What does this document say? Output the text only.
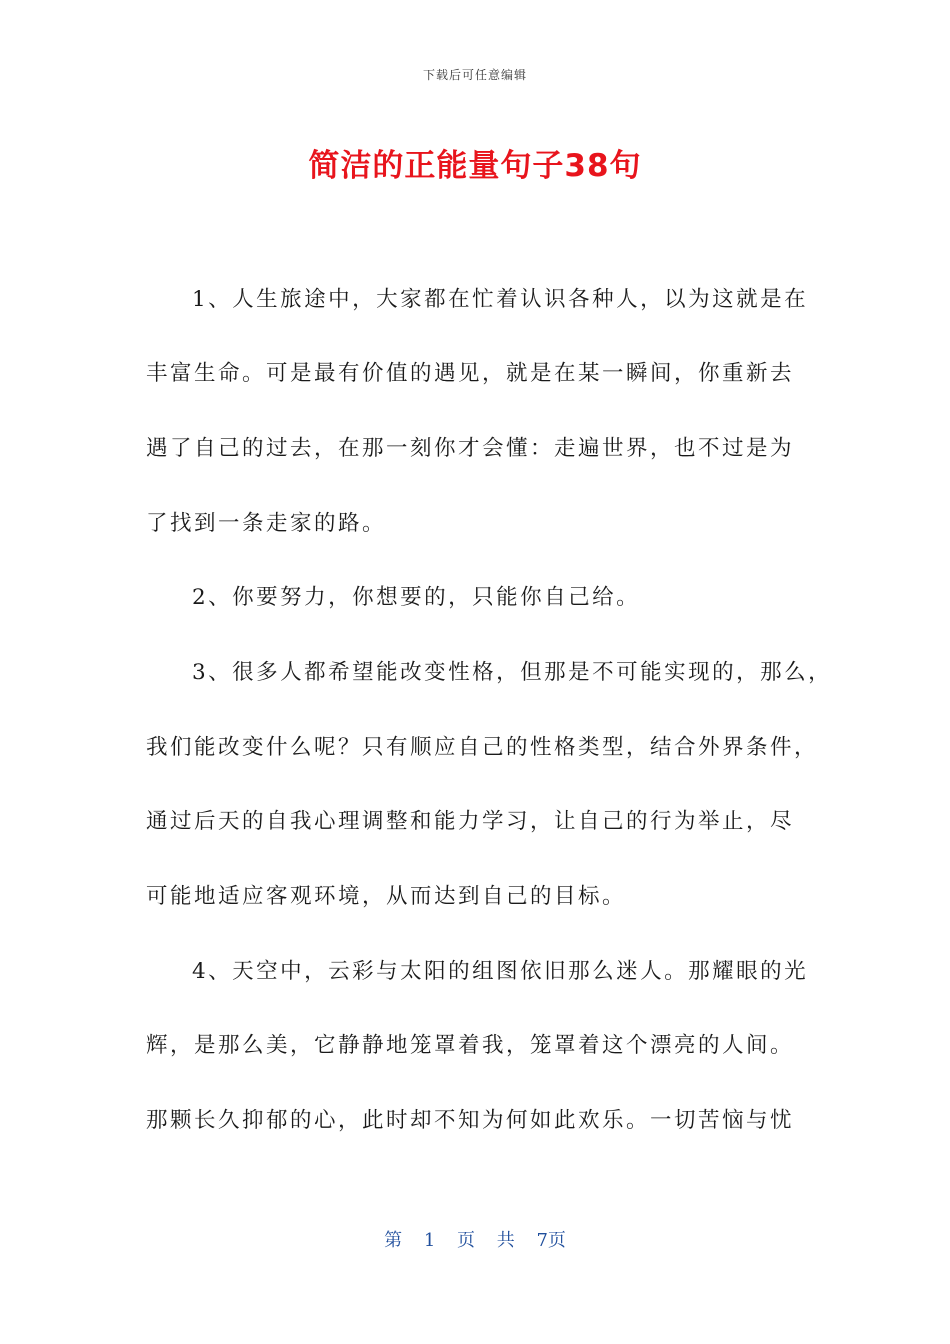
下载后可任意编辑
简洁的正能量句子38句
1、人生旅途中，大家都在忙着认识各种人，以为这就是在
丰富生命。可是最有价值的遇见，就是在某一瞬间，你重新去
遇了自己的过去，在那一刻你才会懂：走遍世界，也不过是为
了找到一条走家的路。
2、你要努力，你想要的，只能你自己给。
3、很多人都希望能改变性格，但那是不可能实现的，那么，
我们能改变什么呢？只有顺应自己的性格类型，结合外界条件，
通过后天的自我心理调整和能力学习，让自己的行为举止，尽
可能地适应客观环境，从而达到自己的目标。
4、天空中，云彩与太阳的组图依旧那么迷人。那耀眼的光
辉，是那么美，它静静地笼罩着我，笼罩着这个漂亮的人间。
那颗长久抑郁的心，此时却不知为何如此欢乐。一切苦恼与忧
第 1 页 共 7页
